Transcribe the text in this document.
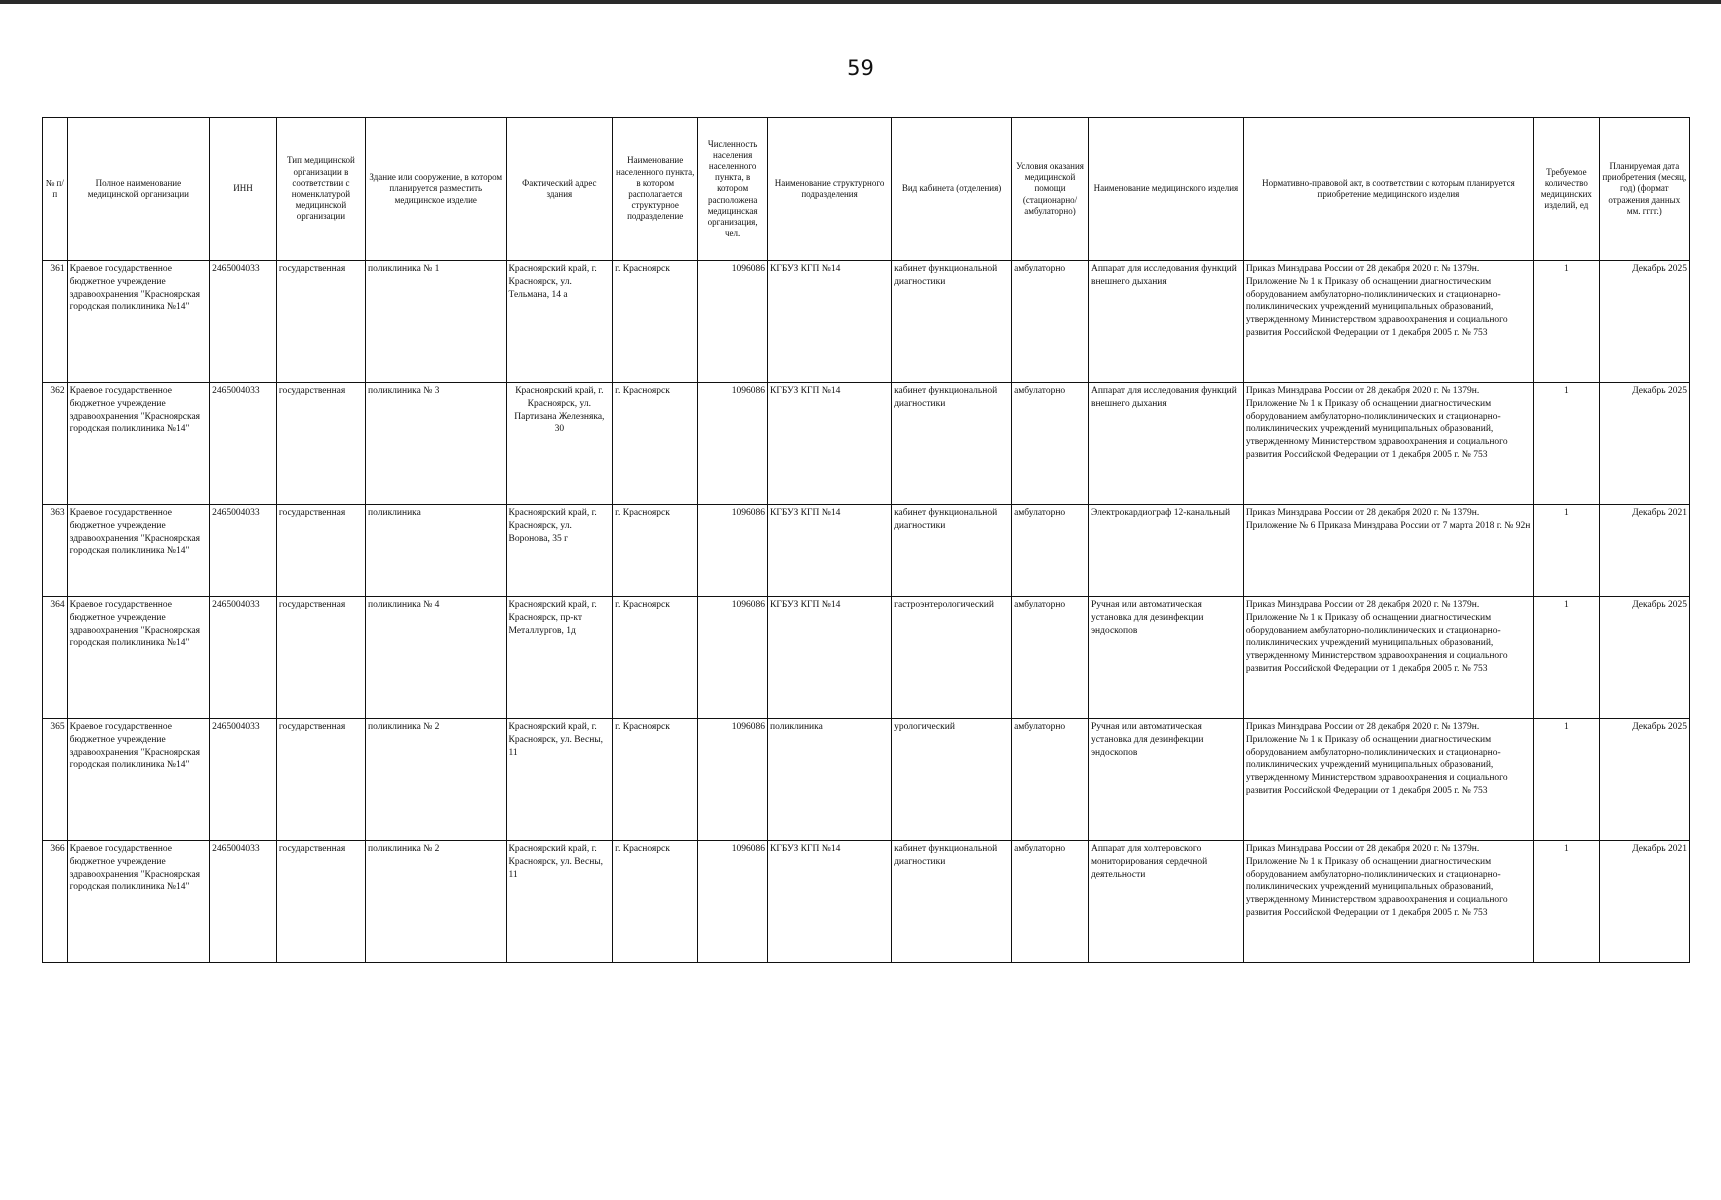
59
№ п/п	Полное наименование медицинской организации	ИНН	Тип медицинской организации в соответствии с номенклатурой медицинской организации	Здание или сооружение, в котором планируется разместить медицинское изделие	Фактический адрес здания	Наименование населенного пункта, в котором располагается структурное подразделение	Численность населения населенного пункта, в котором расположена медицинская организация, чел.	Наименование структурного подразделения	Вид кабинета (отделения)	Условия оказания медицинской помощи (стационарно/амбулаторно)	Наименование медицинского изделия	Нормативно-правовой акт, в соответствии с которым планируется приобретение медицинского изделия	Требуемое количество медицинских изделий, ед	Планируемая дата приобретения (месяц, год) (формат отражения данных мм. гггг.)
361	Краевое государственное бюджетное учреждение здравоохранения "Красноярская городская поликлиника №14"	2465004033	государственная	поликлиника № 1	Красноярский край, г. Красноярск, ул. Тельмана, 14 а	г. Красноярск	1096086	КГБУЗ КГП №14	кабинет функциональной диагностики	амбулаторно	Аппарат для исследования функций внешнего дыхания	Приказ Минздрава России от 28 декабря 2020 г. № 1379н. Приложение № 1 к Приказу об оснащении диагностическим оборудованием амбулаторно-поликлинических и стационарно-поликлинических учреждений муниципальных образований, утвержденному Министерством здравоохранения и социального развития Российской Федерации от 1 декабря 2005 г. № 753	1	Декабрь 2025
362	Краевое государственное бюджетное учреждение здравоохранения "Красноярская городская поликлиника №14"	2465004033	государственная	поликлиника № 3	Красноярский край, г. Красноярск, ул. Партизана Железняка, 30	г. Красноярск	1096086	КГБУЗ КГП №14	кабинет функциональной диагностики	амбулаторно	Аппарат для исследования функций внешнего дыхания	Приказ Минздрава России от 28 декабря 2020 г. № 1379н. Приложение № 1 к Приказу об оснащении диагностическим оборудованием амбулаторно-поликлинических и стационарно-поликлинических учреждений муниципальных образований, утвержденному Министерством здравоохранения и социального развития Российской Федерации от 1 декабря 2005 г. № 753	1	Декабрь 2025
363	Краевое государственное бюджетное учреждение здравоохранения "Красноярская городская поликлиника №14"	2465004033	государственная	поликлиника	Красноярский край, г. Красноярск, ул. Воронова, 35 г	г. Красноярск	1096086	КГБУЗ КГП №14	кабинет функциональной диагностики	амбулаторно	Электрокардиограф 12-канальный	Приказ Минздрава России от 28 декабря 2020 г. № 1379н. Приложение № 6 Приказа Минздрава России от 7 марта 2018 г. № 92н	1	Декабрь 2021
364	Краевое государственное бюджетное учреждение здравоохранения "Красноярская городская поликлиника №14"	2465004033	государственная	поликлиника № 4	Красноярский край, г. Красноярск, пр-кт Металлургов, 1д	г. Красноярск	1096086	КГБУЗ КГП №14	гастроэнтерологический	амбулаторно	Ручная или автоматическая установка для дезинфекции эндоскопов	Приказ Минздрава России от 28 декабря 2020 г. № 1379н. Приложение № 1 к Приказу об оснащении диагностическим оборудованием амбулаторно-поликлинических и стационарно-поликлинических учреждений муниципальных образований, утвержденному Министерством здравоохранения и социального развития Российской Федерации от 1 декабря 2005 г. № 753	1	Декабрь 2025
365	Краевое государственное бюджетное учреждение здравоохранения "Красноярская городская поликлиника №14"	2465004033	государственная	поликлиника № 2	Красноярский край, г. Красноярск, ул. Весны, 11	г. Красноярск	1096086	поликлиника	урологический	амбулаторно	Ручная или автоматическая установка для дезинфекции эндоскопов	Приказ Минздрава России от 28 декабря 2020 г. № 1379н. Приложение № 1 к Приказу об оснащении диагностическим оборудованием амбулаторно-поликлинических и стационарно-поликлинических учреждений муниципальных образований, утвержденному Министерством здравоохранения и социального развития Российской Федерации от 1 декабря 2005 г. № 753	1	Декабрь 2025
366	Краевое государственное бюджетное учреждение здравоохранения "Красноярская городская поликлиника №14"	2465004033	государственная	поликлиника № 2	Красноярский край, г. Красноярск, ул. Весны, 11	г. Красноярск	1096086	КГБУЗ КГП №14	кабинет функциональной диагностики	амбулаторно	Аппарат для холтеровского мониторирования сердечной деятельности	Приказ Минздрава России от 28 декабря 2020 г. № 1379н. Приложение № 1 к Приказу об оснащении диагностическим оборудованием амбулаторно-поликлинических и стационарно-поликлинических учреждений муниципальных образований, утвержденному Министерством здравоохранения и социального развития Российской Федерации от 1 декабря 2005 г. № 753	1	Декабрь 2021
